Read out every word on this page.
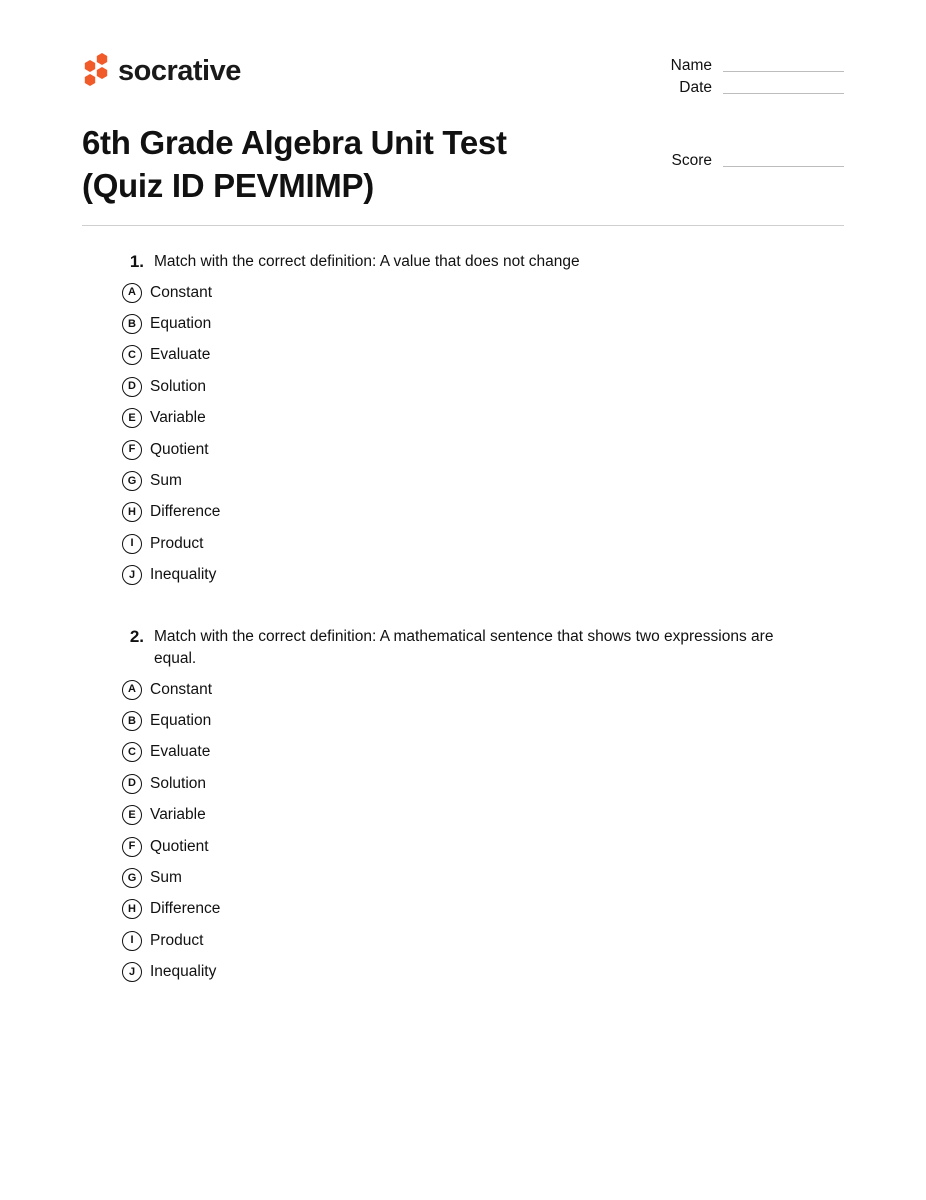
socrative
6th Grade Algebra Unit Test
(Quiz ID PEVMIMP)
Name
Date
Score
1. Match with the correct definition: A value that does not change
A Constant
B Equation
C Evaluate
D Solution
E Variable
F Quotient
G Sum
H Difference
I	Product
J Inequality
2. Match with the correct definition: A mathematical sentence that shows two expressions are equal.
A Constant
B Equation
C Evaluate
D Solution
E Variable
F Quotient
G Sum
H Difference
I	Product
J Inequality
